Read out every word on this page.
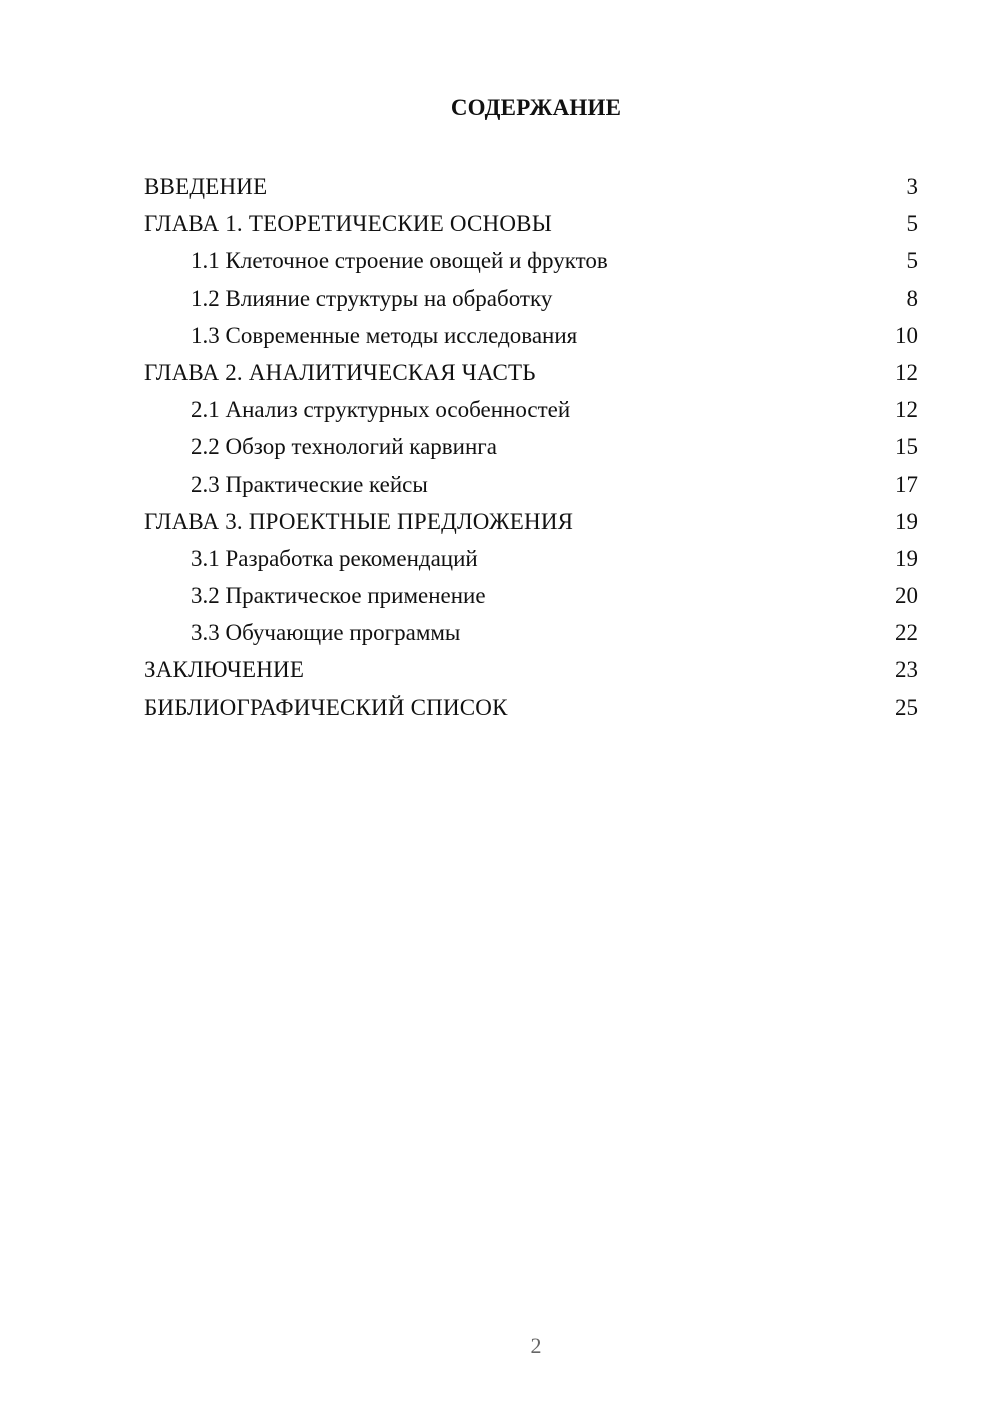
СОДЕРЖАНИЕ
ВВЕДЕНИЕ	3
ГЛАВА 1. ТЕОРЕТИЧЕСКИЕ ОСНОВЫ	5
1.1 Клеточное строение овощей и фруктов	5
1.2 Влияние структуры на обработку	8
1.3 Современные методы исследования	10
ГЛАВА 2. АНАЛИТИЧЕСКАЯ ЧАСТЬ	12
2.1 Анализ структурных особенностей	12
2.2 Обзор технологий карвинга	15
2.3 Практические кейсы	17
ГЛАВА 3. ПРОЕКТНЫЕ ПРЕДЛОЖЕНИЯ	19
3.1 Разработка рекомендаций	19
3.2 Практическое применение	20
3.3 Обучающие программы	22
ЗАКЛЮЧЕНИЕ	23
БИБЛИОГРАФИЧЕСКИЙ СПИСОК	25
2
